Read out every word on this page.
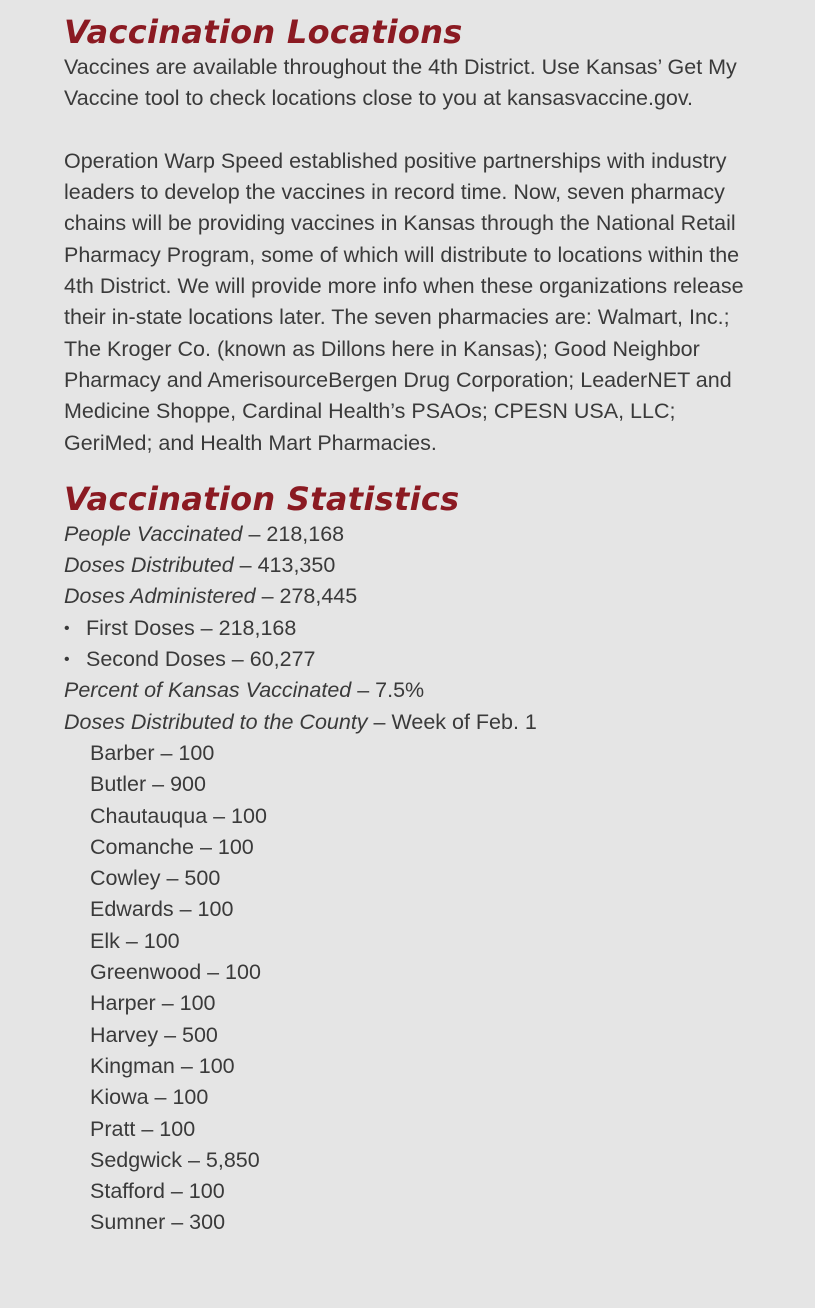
Vaccination Locations

Vaccines are available throughout the 4th District. Use Kansas’ Get My Vaccine tool to check locations close to you at kansasvaccine.gov.

Operation Warp Speed established positive partnerships with industry leaders to develop the vaccines in record time. Now, seven pharmacy chains will be providing vaccines in Kansas through the National Retail Pharmacy Program, some of which will distribute to locations within the 4th District. We will provide more info when these organizations release their in-state locations later. The seven pharmacies are: Walmart, Inc.; The Kroger Co. (known as Dillons here in Kansas); Good Neighbor Pharmacy and AmerisourceBergen Drug Corporation; LeaderNET and Medicine Shoppe, Cardinal Health’s PSAOs; CPESN USA, LLC; GeriMed; and Health Mart Pharmacies.

Vaccination Statistics
People Vaccinated – 218,168
Doses Distributed – 413,350
Doses Administered – 278,445
• First Doses – 218,168
• Second Doses – 60,277
Percent of Kansas Vaccinated – 7.5%
Doses Distributed to the County – Week of Feb. 1
Barber – 100
Butler – 900
Chautauqua – 100
Comanche – 100
Cowley – 500
Edwards – 100
Elk – 100
Greenwood – 100
Harper – 100
Harvey – 500
Kingman – 100
Kiowa – 100
Pratt – 100
Sedgwick – 5,850
Stafford – 100
Sumner – 300
